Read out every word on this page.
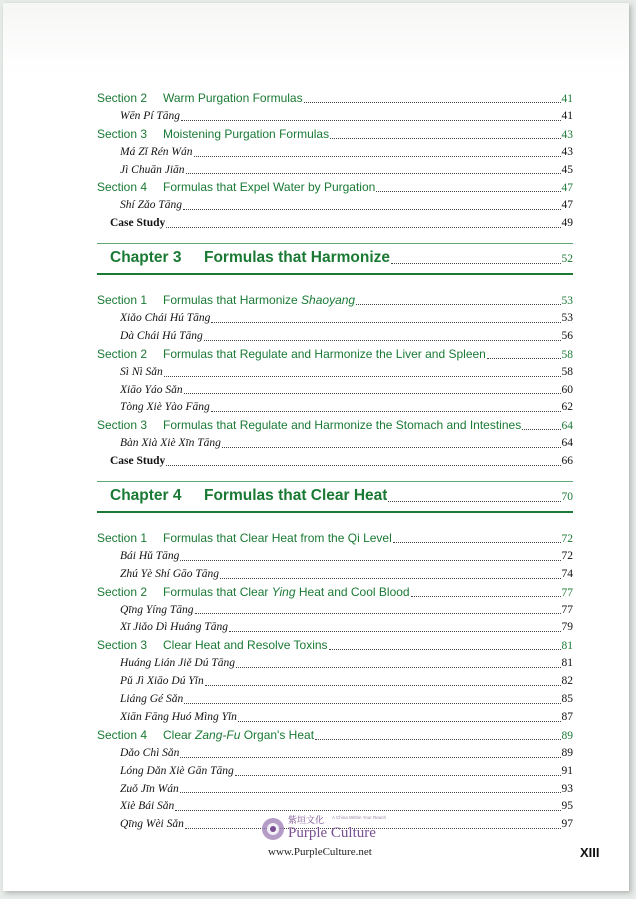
Section 2 Warm Purgation Formulas	41
Wēn Pí Tāng	41
Section 3 Moistening Purgation Formulas	43
Má Zǐ Rén Wán	43
Jì Chuān Jiān	45
Section 4 Formulas that Expel Water by Purgation	47
Shí Zǎo Tāng	47
Case Study	49
Chapter 3 Formulas that Harmonize	52
Section 1 Formulas that Harmonize Shaoyang	53
Xiǎo Chái Hú Tāng	53
Dà Chái Hú Tāng	56
Section 2 Formulas that Regulate and Harmonize the Liver and Spleen	58
Sì Nì Sǎn	58
Xiāo Yáo Sǎn	60
Tòng Xiè Yào Fāng	62
Section 3 Formulas that Regulate and Harmonize the Stomach and Intestines	64
Bàn Xià Xiè Xīn Tāng	64
Case Study	66
Chapter 4 Formulas that Clear Heat	70
Section 1 Formulas that Clear Heat from the Qi Level	72
Bái Hǔ Tāng	72
Zhú Yè Shí Gāo Tāng	74
Section 2 Formulas that Clear Ying Heat and Cool Blood	77
Qīng Yíng Tāng	77
Xī Jiǎo Dì Huáng Tāng	79
Section 3 Clear Heat and Resolve Toxins	81
Huáng Lián Jiě Dú Tāng	81
Pǔ Jì Xiāo Dú Yǐn	82
Liáng Gé Sǎn	85
Xiān Fāng Huó Mìng Yǐn	87
Section 4 Clear Zang-Fu Organ's Heat	89
Dǎo Chì Sǎn	89
Lóng Dǎn Xiè Gān Tāng	91
Zuǒ Jīn Wán	93
Xiè Bái Sǎn	95
Qīng Wèi Sǎn	97
紫垣文化 A China Within Your Reach
Purple Culture
www.PurpleCulture.net	XIII
